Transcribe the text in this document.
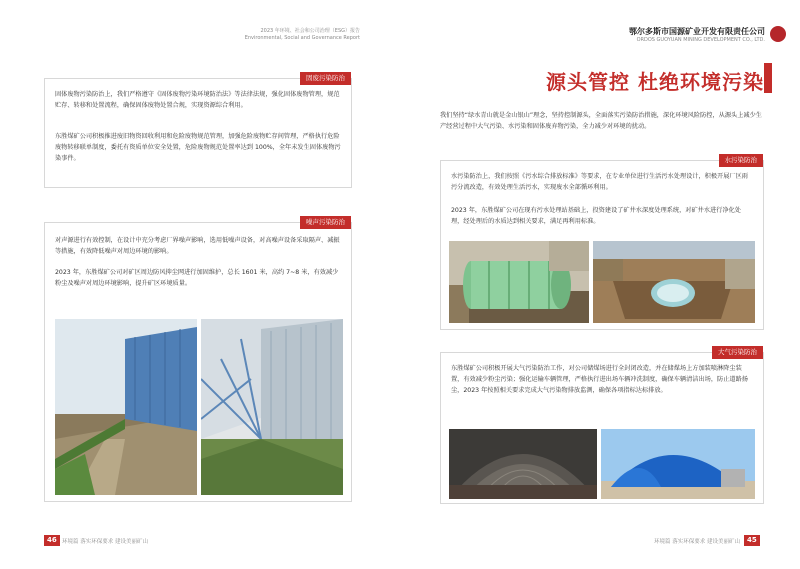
2023 年环境、社会和公司治理（ESG）报告
Environmental, Social and Governance Report
鄂尔多斯市国源矿业开发有限责任公司
ORDOS GUOYUAN MINING DEVELOPMENT CO., LTD.
固废污染防治
固体废物污染防治上，我们严格遵守《固体废物污染环境防治法》等法律法规，强化固体废物管理，规范贮存、转移和处置流程，确保固体废物处置合规，实现资源综合利用。
东胜煤矿公司积极推进废旧物资回收利用和危险废物规范管理，加强危险废物贮存间管理，严格执行危险废物转移联单制度，委托有资质单位安全处置，危险废物规范处置率达到 100%，全年未发生固体废物污染事件。
噪声污染防治
对声源进行有效控制，在设计中充分考虑厂界噪声影响，选用低噪声设备，对高噪声设备采取隔声、减振等措施，有效降低噪声对周边环境的影响。
2023 年，东胜煤矿公司对矿区周边防风抑尘网进行加固维护，总长 1601 米，高约 7~8 米，有效减少粉尘及噪声对周边环境影响，提升矿区环境质量。
46 环境篇 落实环保要求 建设美丽矿山
源头管控 杜绝环境污染
我们坚持“绿水青山就是金山银山”理念，坚持控制源头，全面落实污染防治措施，深化环境风险防控，从源头上减少生产经营过程中大气污染、水污染和固体废弃物污染，全力减少对环境的扰动。
水污染防治
水污染防治上，我们按照《污水综合排放标准》等要求，在专业单位进行生活污水处理设计，积极开展厂区雨污分流改造，有效处理生活污水，实现废水全部循环利用。
2023 年，东胜煤矿公司在现有污水处理站基础上，投资建设了矿井水深度处理系统，对矿井水进行净化处理，经处理后的水质达到相关要求，满足再利用标准。
大气污染防治
东胜煤矿公司积极开展大气污染防治工作，对公司储煤场进行全封闭改造，并在储煤场上方加装喷淋降尘装置，有效减少粉尘污染；强化运输车辆管理，严格执行进出场车辆冲洗制度，确保车辆清洁出场，防止道路扬尘，2023 年按照相关要求完成大气污染物排放监测，确保各项指标达标排放。
环境篇 落实环保要求 建设美丽矿山	45
